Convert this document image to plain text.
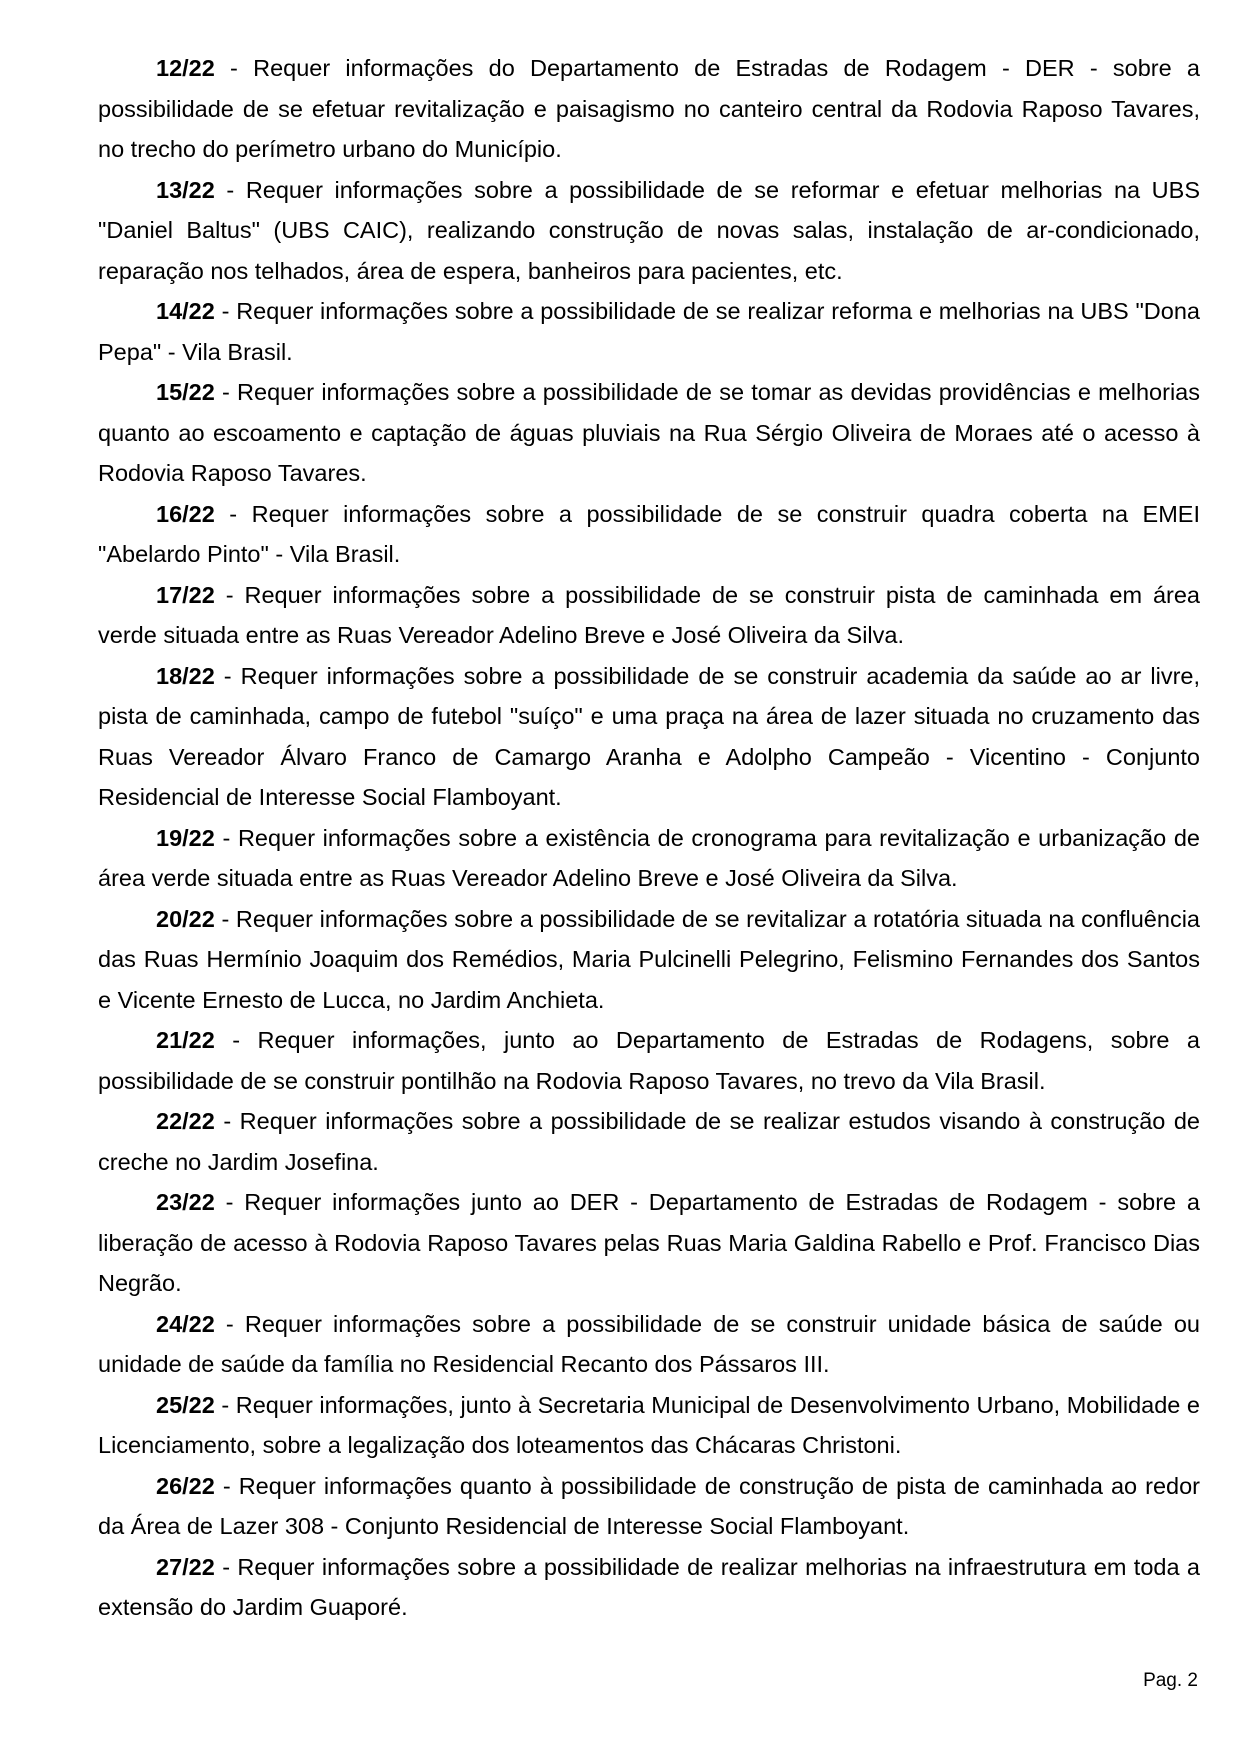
12/22 - Requer informações do Departamento de Estradas de Rodagem - DER - sobre a possibilidade de se efetuar revitalização e paisagismo no canteiro central da Rodovia Raposo Tavares, no trecho do perímetro urbano do Município.

13/22 - Requer informações sobre a possibilidade de se reformar e efetuar melhorias na UBS "Daniel Baltus" (UBS CAIC), realizando construção de novas salas, instalação de ar-condicionado, reparação nos telhados, área de espera, banheiros para pacientes, etc.

14/22 - Requer informações sobre a possibilidade de se realizar reforma e melhorias na UBS "Dona Pepa" - Vila Brasil.

15/22 - Requer informações sobre a possibilidade de se tomar as devidas providências e melhorias quanto ao escoamento e captação de águas pluviais na Rua Sérgio Oliveira de Moraes até o acesso à Rodovia Raposo Tavares.

16/22 - Requer informações sobre a possibilidade de se construir quadra coberta na EMEI "Abelardo Pinto" - Vila Brasil.

17/22 - Requer informações sobre a possibilidade de se construir pista de caminhada em área verde situada entre as Ruas Vereador Adelino Breve e José Oliveira da Silva.

18/22 - Requer informações sobre a possibilidade de se construir academia da saúde ao ar livre, pista de caminhada, campo de futebol "suíço" e uma praça na área de lazer situada no cruzamento das Ruas Vereador Álvaro Franco de Camargo Aranha e Adolpho Campeão - Vicentino - Conjunto Residencial de Interesse Social Flamboyant.

19/22 - Requer informações sobre a existência de cronograma para revitalização e urbanização de área verde situada entre as Ruas Vereador Adelino Breve e José Oliveira da Silva.

20/22 - Requer informações sobre a possibilidade de se revitalizar a rotatória situada na confluência das Ruas Hermínio Joaquim dos Remédios, Maria Pulcinelli Pelegrino, Felismino Fernandes dos Santos e Vicente Ernesto de Lucca, no Jardim Anchieta.

21/22 - Requer informações, junto ao Departamento de Estradas de Rodagens, sobre a possibilidade de se construir pontilhão na Rodovia Raposo Tavares, no trevo da Vila Brasil.

22/22 - Requer informações sobre a possibilidade de se realizar estudos visando à construção de creche no Jardim Josefina.

23/22 - Requer informações junto ao DER - Departamento de Estradas de Rodagem - sobre a liberação de acesso à Rodovia Raposo Tavares pelas Ruas Maria Galdina Rabello e Prof. Francisco Dias Negrão.

24/22 - Requer informações sobre a possibilidade de se construir unidade básica de saúde ou unidade de saúde da família no Residencial Recanto dos Pássaros III.

25/22 - Requer informações, junto à Secretaria Municipal de Desenvolvimento Urbano, Mobilidade e Licenciamento, sobre a legalização dos loteamentos das Chácaras Christoni.

26/22 - Requer informações quanto à possibilidade de construção de pista de caminhada ao redor da Área de Lazer 308 - Conjunto Residencial de Interesse Social Flamboyant.

27/22 - Requer informações sobre a possibilidade de realizar melhorias na infraestrutura em toda a extensão do Jardim Guaporé.

Pag. 2
